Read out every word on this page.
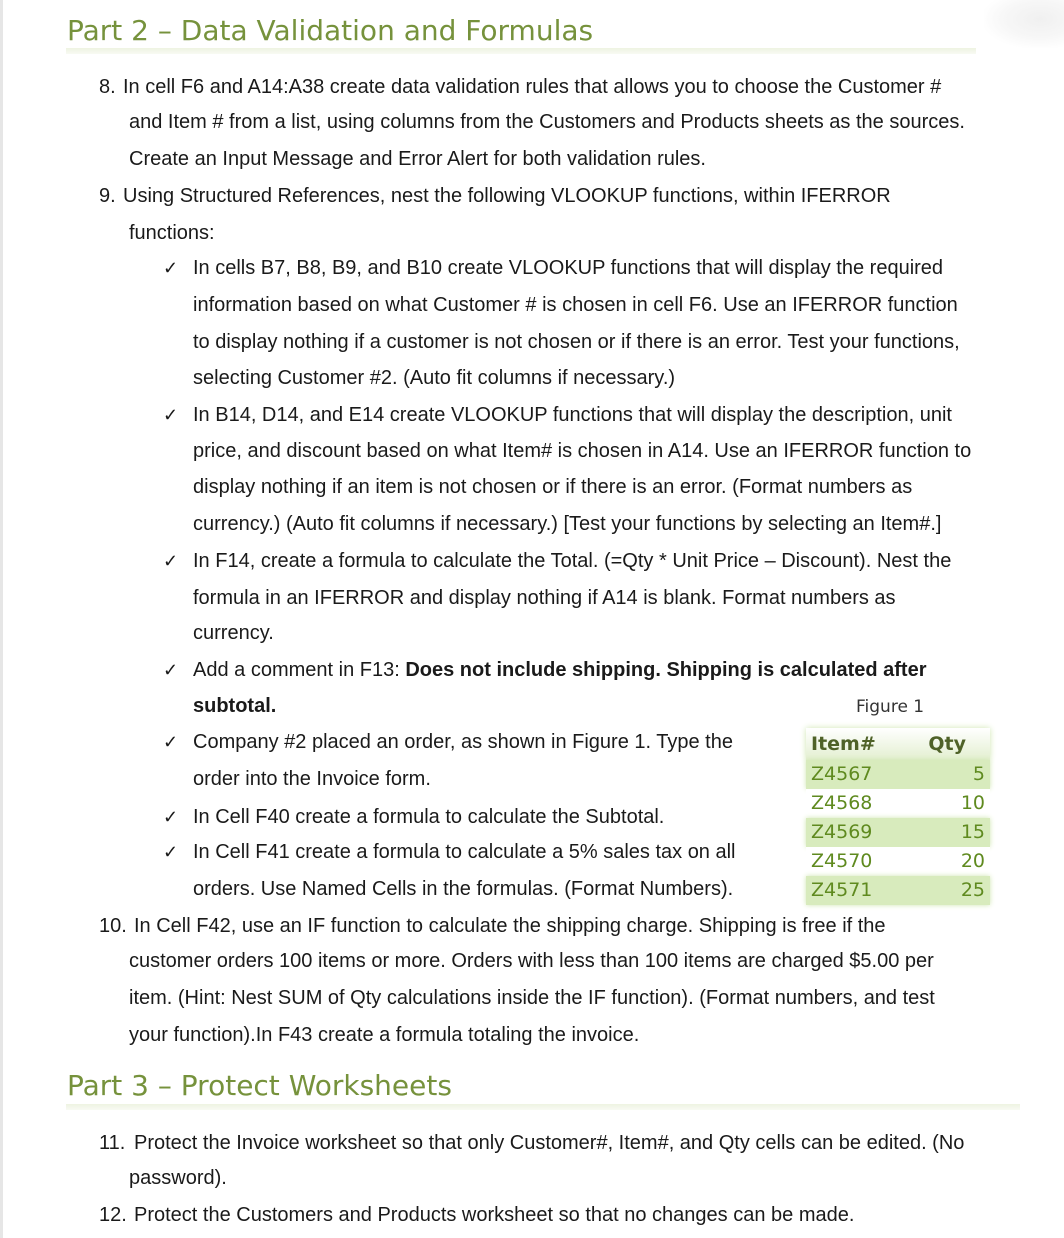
Part 2 – Data Validation and Formulas
8. In cell F6 and A14:A38 create data validation rules that allows you to choose the Customer #
and Item # from a list, using columns from the Customers and Products sheets as the sources.
Create an Input Message and Error Alert for both validation rules.
9. Using Structured References, nest the following VLOOKUP functions, within IFERROR
functions:
✓ In cells B7, B8, B9, and B10 create VLOOKUP functions that will display the required
information based on what Customer # is chosen in cell F6. Use an IFERROR function
to display nothing if a customer is not chosen or if there is an error. Test your functions,
selecting Customer #2. (Auto fit columns if necessary.)
✓ In B14, D14, and E14 create VLOOKUP functions that will display the description, unit
price, and discount based on what Item# is chosen in A14. Use an IFERROR function to
display nothing if an item is not chosen or if there is an error. (Format numbers as
currency.) (Auto fit columns if necessary.) [Test your functions by selecting an Item#.]
✓ In F14, create a formula to calculate the Total. (=Qty * Unit Price – Discount). Nest the
formula in an IFERROR and display nothing if A14 is blank. Format numbers as
currency.
✓ Add a comment in F13: Does not include shipping. Shipping is calculated after
subtotal.
✓ Company #2 placed an order, as shown in Figure 1. Type the
order into the Invoice form.
✓ In Cell F40 create a formula to calculate the Subtotal.
✓ In Cell F41 create a formula to calculate a 5% sales tax on all
orders. Use Named Cells in the formulas. (Format Numbers).
Figure 1
Item#	Qty
Z4567	5
Z4568	10
Z4569	15
Z4570	20
Z4571	25
10. In Cell F42, use an IF function to calculate the shipping charge. Shipping is free if the
customer orders 100 items or more. Orders with less than 100 items are charged $5.00 per
item. (Hint: Nest SUM of Qty calculations inside the IF function). (Format numbers, and test
your function).In F43 create a formula totaling the invoice.
Part 3 – Protect Worksheets
11. Protect the Invoice worksheet so that only Customer#, Item#, and Qty cells can be edited. (No
password).
12. Protect the Customers and Products worksheet so that no changes can be made.
